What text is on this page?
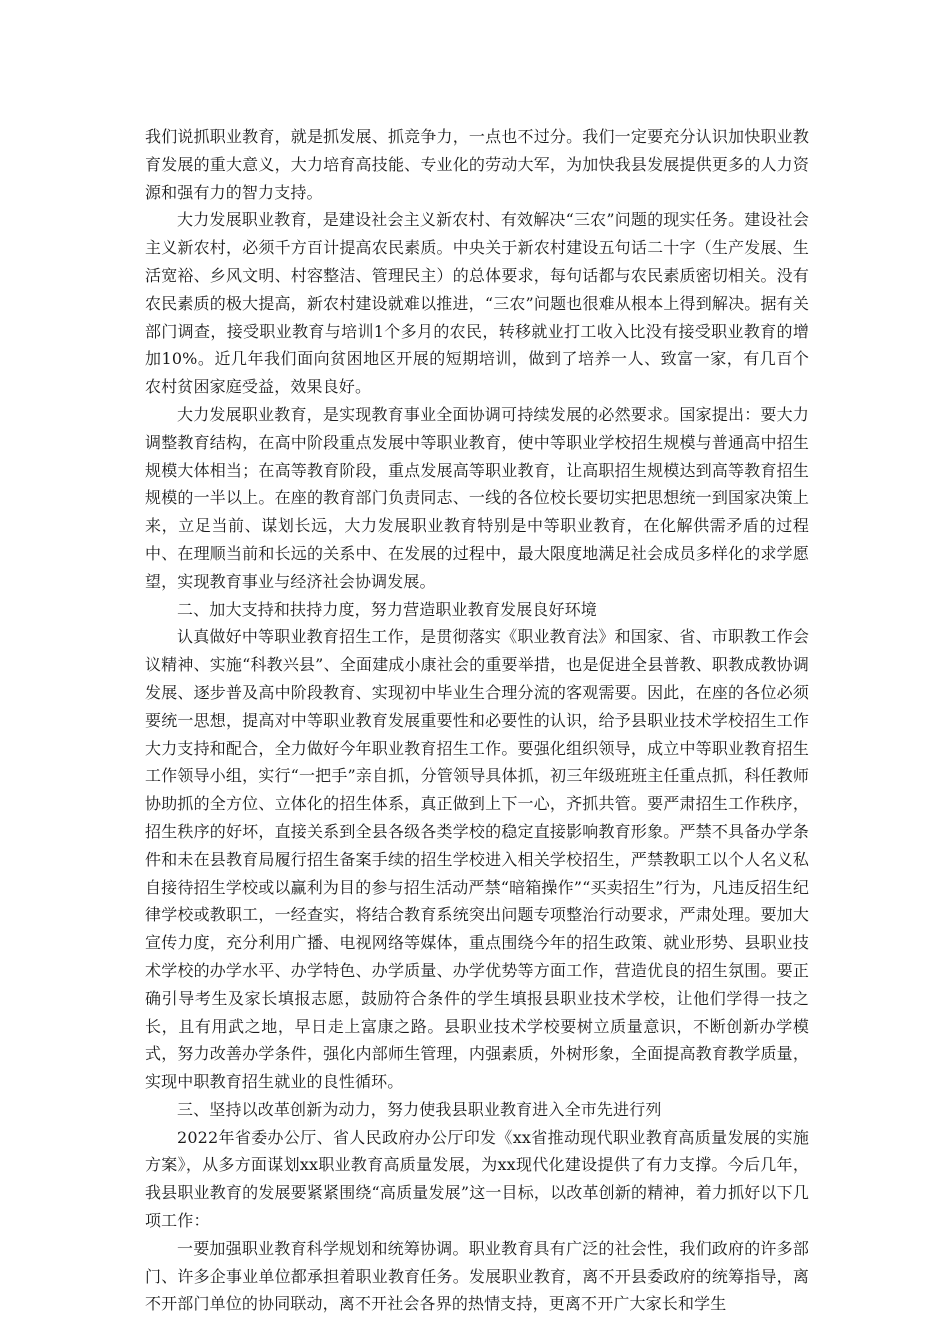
我们说抓职业教育，就是抓发展、抓竞争力，一点也不过分。我们一定要充分认识加快职业教育发展的重大意义，大力培育高技能、专业化的劳动大军，为加快我县发展提供更多的人力资源和强有力的智力支持。

大力发展职业教育，是建设社会主义新农村、有效解决“三农”问题的现实任务。建设社会主义新农村，必须千方百计提高农民素质。中央关于新农村建设五句话二十字（生产发展、生活宽裕、乡风文明、村容整洁、管理民主）的总体要求，每句话都与农民素质密切相关。没有农民素质的极大提高，新农村建设就难以推进，“三农”问题也很难从根本上得到解决。据有关部门调查，接受职业教育与培训1个多月的农民，转移就业打工收入比没有接受职业教育的增加10%。近几年我们面向贫困地区开展的短期培训，做到了培养一人、致富一家，有几百个农村贫困家庭受益，效果良好。

大力发展职业教育，是实现教育事业全面协调可持续发展的必然要求。国家提出：要大力调整教育结构，在高中阶段重点发展中等职业教育，使中等职业学校招生规模与普通高中招生规模大体相当；在高等教育阶段，重点发展高等职业教育，让高职招生规模达到高等教育招生规模的一半以上。在座的教育部门负责同志、一线的各位校长要切实把思想统一到国家决策上来，立足当前、谋划长远，大力发展职业教育特别是中等职业教育，在化解供需矛盾的过程中、在理顺当前和长远的关系中、在发展的过程中，最大限度地满足社会成员多样化的求学愿望，实现教育事业与经济社会协调发展。

二、加大支持和扶持力度，努力营造职业教育发展良好环境

认真做好中等职业教育招生工作，是贯彻落实《职业教育法》和国家、省、市职教工作会议精神、实施“科教兴县”、全面建成小康社会的重要举措，也是促进全县普教、职教成教协调发展、逐步普及高中阶段教育、实现初中毕业生合理分流的客观需要。因此，在座的各位必须要统一思想，提高对中等职业教育发展重要性和必要性的认识，给予县职业技术学校招生工作大力支持和配合，全力做好今年职业教育招生工作。要强化组织领导，成立中等职业教育招生工作领导小组，实行“一把手”亲自抓，分管领导具体抓，初三年级班班主任重点抓，科任教师协助抓的全方位、立体化的招生体系，真正做到上下一心，齐抓共管。要严肃招生工作秩序，招生秩序的好坏，直接关系到全县各级各类学校的稳定直接影响教育形象。严禁不具备办学条件和未在县教育局履行招生备案手续的招生学校进入相关学校招生，严禁教职工以个人名义私自接待招生学校或以赢利为目的参与招生活动严禁“暗箱操作”“买卖招生”行为，凡违反招生纪律学校或教职工，一经查实，将结合教育系统突出问题专项整治行动要求，严肃处理。要加大宣传力度，充分利用广播、电视网络等媒体，重点围绕今年的招生政策、就业形势、县职业技术学校的办学水平、办学特色、办学质量、办学优势等方面工作，营造优良的招生氛围。要正确引导考生及家长填报志愿，鼓励符合条件的学生填报县职业技术学校，让他们学得一技之长，且有用武之地，早日走上富康之路。县职业技术学校要树立质量意识，不断创新办学模式，努力改善办学条件，强化内部师生管理，内强素质，外树形象，全面提高教育教学质量，实现中职教育招生就业的良性循环。

三、坚持以改革创新为动力，努力使我县职业教育进入全市先进行列

2022年省委办公厅、省人民政府办公厅印发《xx省推动现代职业教育高质量发展的实施方案》，从多方面谋划xx职业教育高质量发展，为xx现代化建设提供了有力支撑。今后几年，我县职业教育的发展要紧紧围绕“高质量发展”这一目标，以改革创新的精神，着力抓好以下几项工作：

一要加强职业教育科学规划和统筹协调。职业教育具有广泛的社会性，我们政府的许多部门、许多企事业单位都承担着职业教育任务。发展职业教育，离不开县委政府的统筹指导，离不开部门单位的协同联动，离不开社会各界的热情支持，更离不开广大家长和学生
